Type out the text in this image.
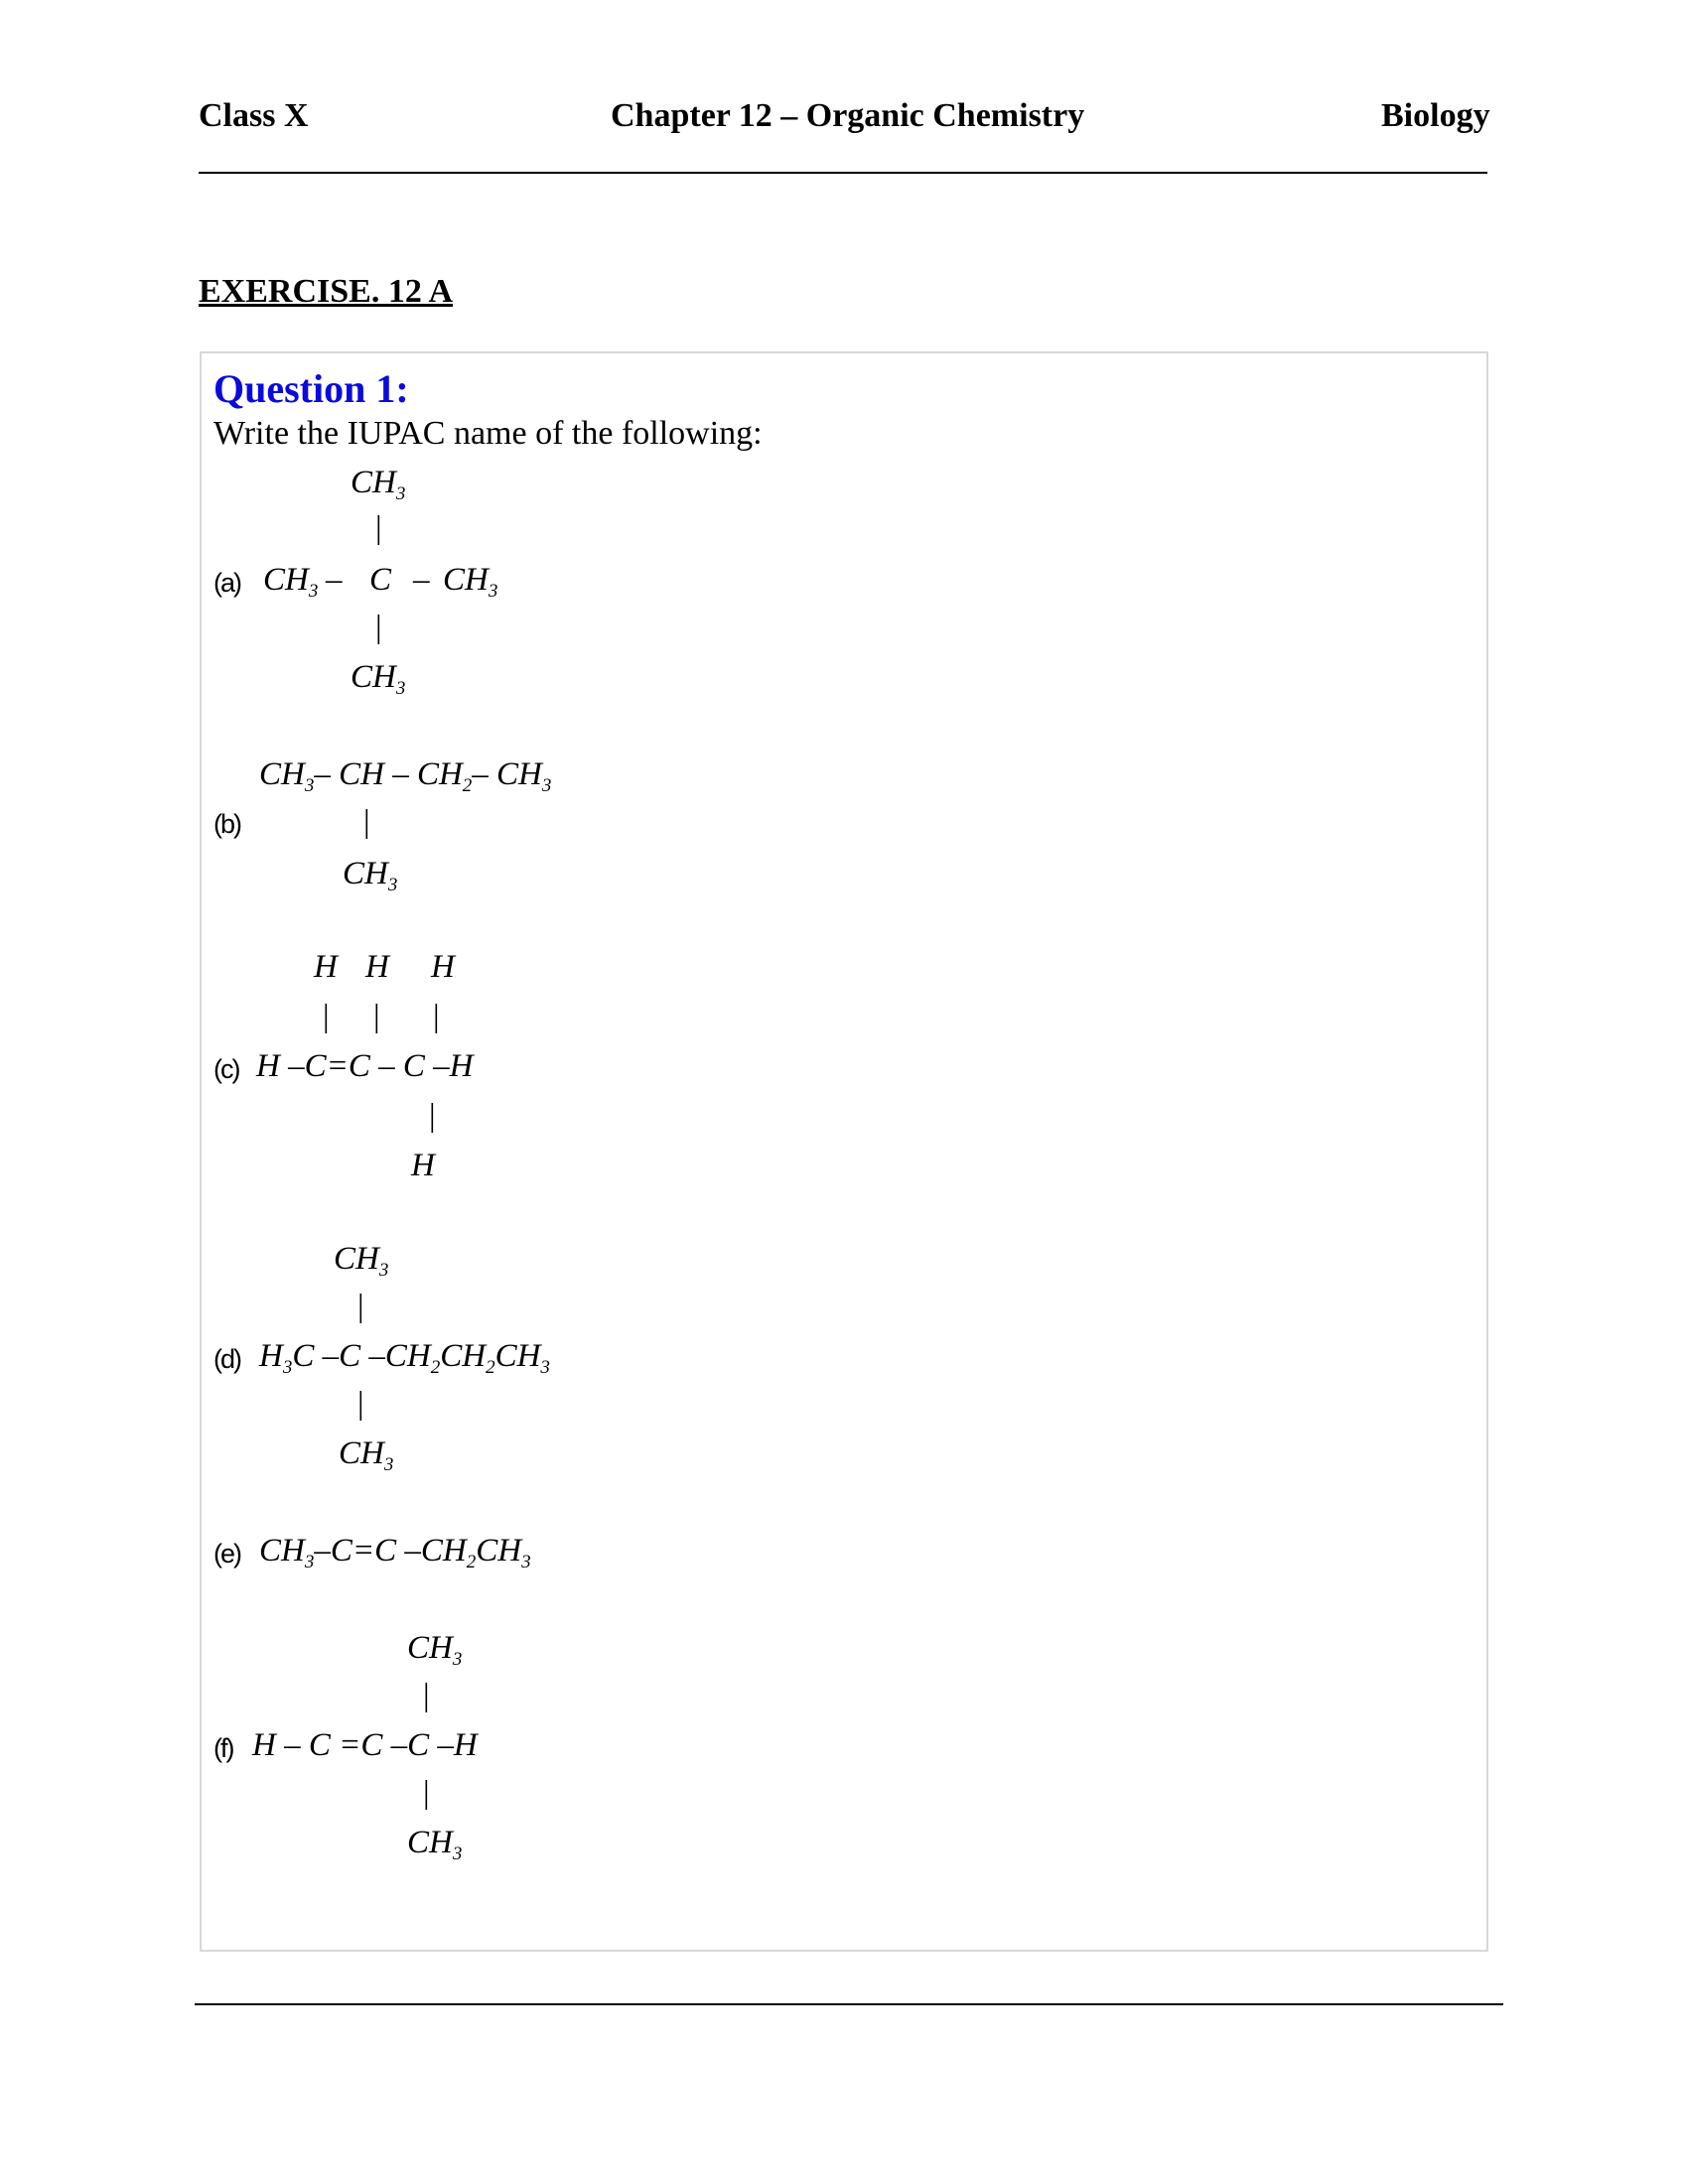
Class X	Chapter 12 – Organic Chemistry	Biology
EXERCISE. 12 A
Question 1:
Write the IUPAC name of the following:
$CH_3$
|
(a) $CH_3$ – C – $CH_3$
|
$CH_3$
$CH_3-$ CH – $CH_2-$ $CH_3$
(b)	|
$CH_3$
H H H
| | |
(c) H –C=C – C –H
|
H
$CH_3$
|
(d) $H_3C$ –C $-CH_2CH_2CH_3$
|
$CH_3$
(e) $CH_3-C=C$ $-CH_2CH_3$
$CH_3$
|
(f) H – C =C –C –H
|
$CH_3$
